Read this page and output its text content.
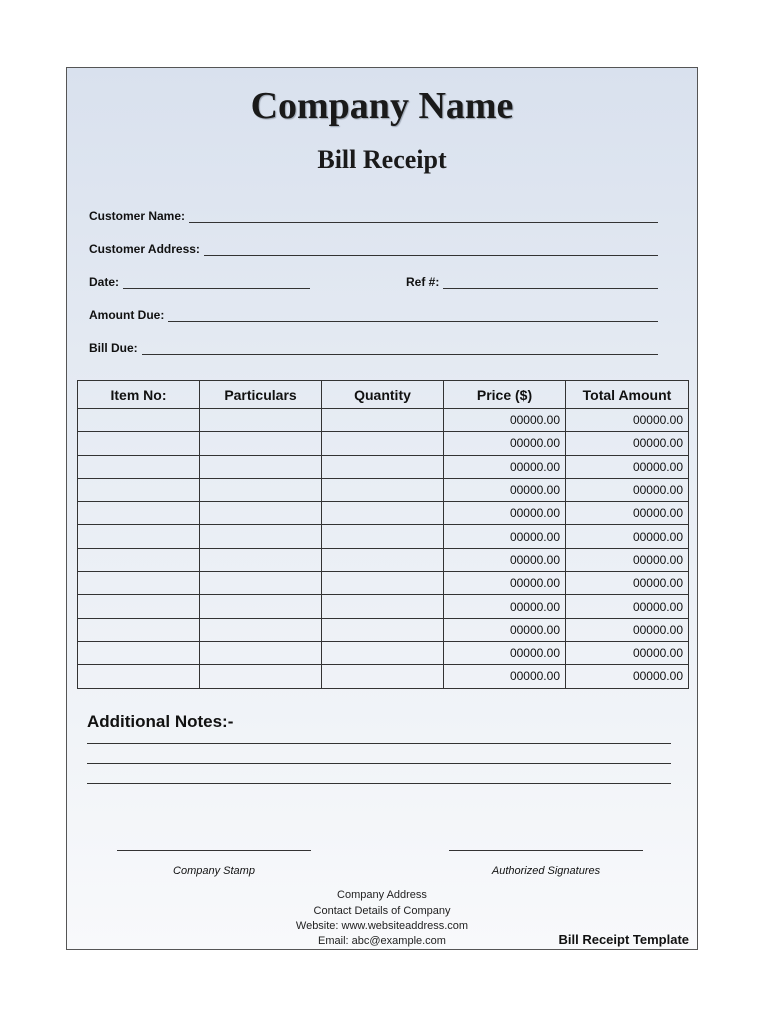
Company Name
Bill Receipt
Customer Name:
Customer Address:
Date:	Ref #:
Amount Due:
Bill Due:
Item No:	Particulars	Quantity	Price ($)	Total Amount
			00000.00	00000.00
			00000.00	00000.00
			00000.00	00000.00
			00000.00	00000.00
			00000.00	00000.00
			00000.00	00000.00
			00000.00	00000.00
			00000.00	00000.00
			00000.00	00000.00
			00000.00	00000.00
			00000.00	00000.00
			00000.00	00000.00
Additional Notes:-
Company Stamp	Authorized Signatures
Company Address
Contact Details of Company
Website: www.websiteaddress.com
Email: abc@example.com	Bill Receipt Template
